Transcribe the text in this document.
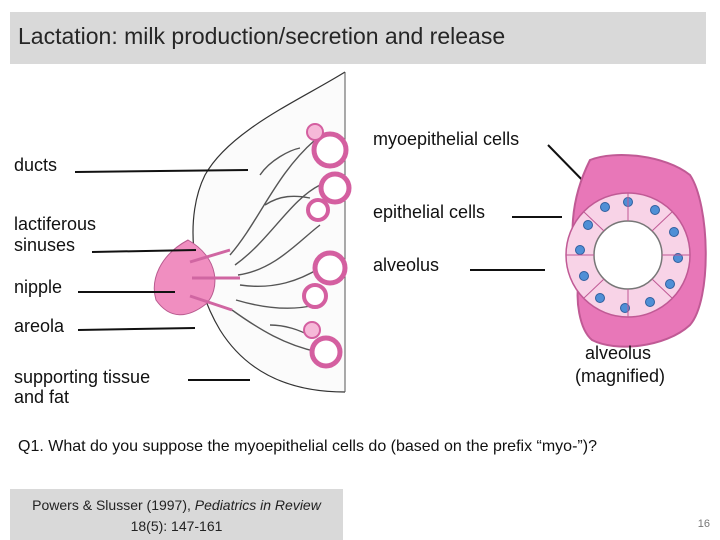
Lactation: milk production/secretion and release
ducts
lactiferous
sinuses
nipple
areola
supporting tissue
and fat
myoepithelial cells
epithelial cells
alveolus
alveolus
(magnified)
Q1. What do you suppose the myoepithelial cells do (based on the prefix “myo-”)?
Powers & Slusser (1997), Pediatrics in Review
18(5): 147-161	16
